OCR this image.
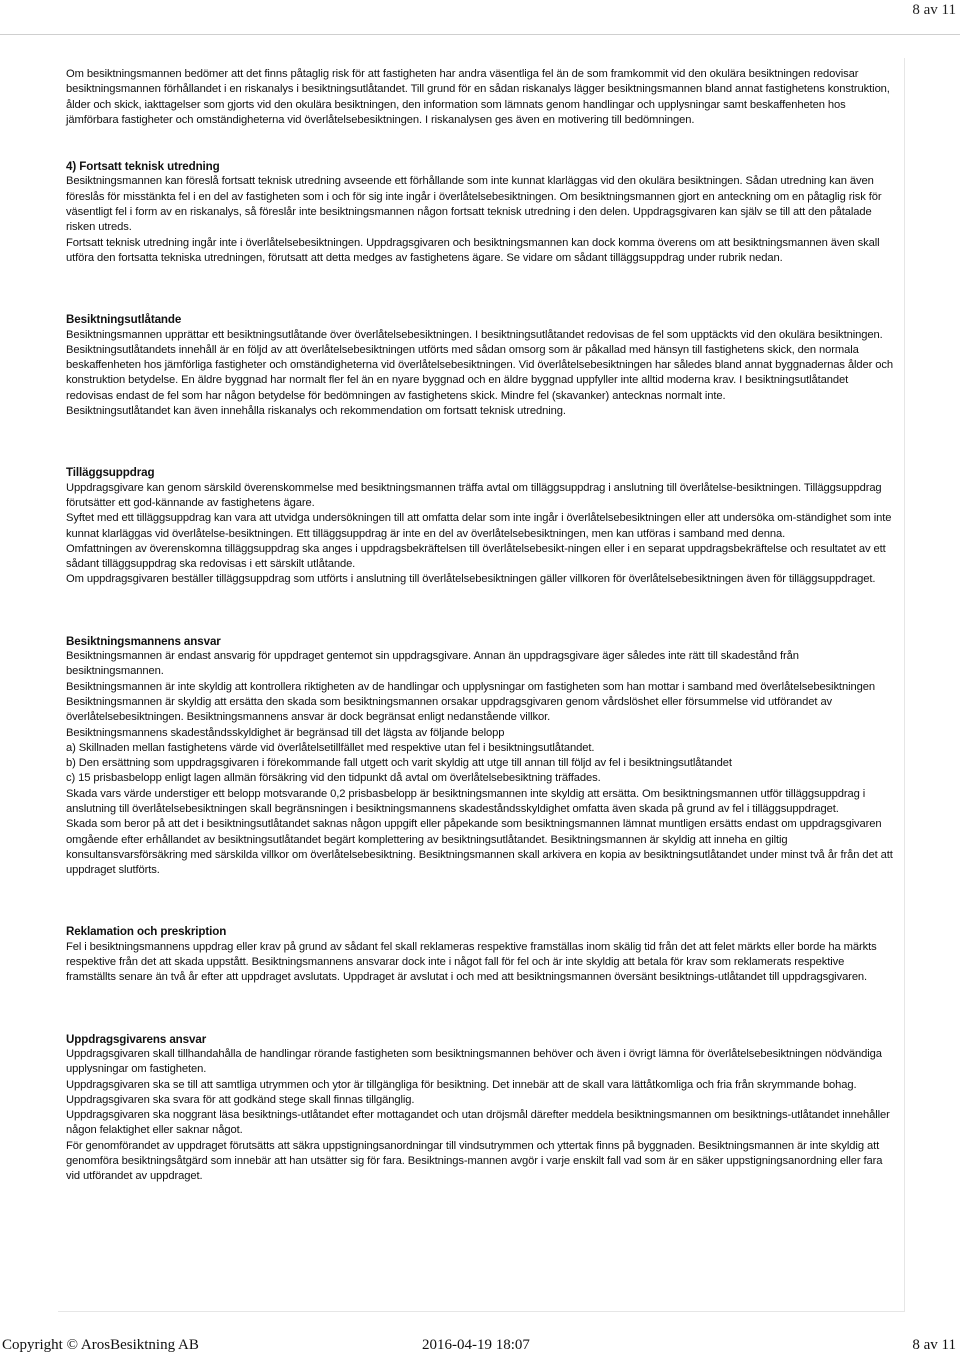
8 av 11

Om besiktningsmannen bedömer att det finns påtaglig risk för att fastigheten har andra väsentliga fel än de som framkommit vid den okulära besiktningen redovisar besiktningsmannen förhållandet i en riskanalys i besiktningsutlåtandet. Till grund för en sådan riskanalys lägger besiktningsmannen bland annat fastighetens konstruktion, ålder och skick, iakttagelser som gjorts vid den okulära besiktningen, den information som lämnats genom handlingar och upplysningar samt beskaffenheten hos jämförbara fastigheter och omständigheterna vid överlåtelsebesiktningen. I riskanalysen ges även en motivering till bedömningen.

4) Fortsatt teknisk utredning

Besiktningsmannen kan föreslå fortsatt teknisk utredning avseende ett förhållande som inte kunnat klarläggas vid den okulära besiktningen. Sådan utredning kan även föreslås för misstänkta fel i en del av fastigheten som i och för sig inte ingår i överlåtelsebesiktningen. Om besiktningsmannen gjort en anteckning om en påtaglig risk för väsentligt fel i form av en riskanalys, så föreslår inte besiktningsmannen någon fortsatt teknisk utredning i den delen. Uppdragsgivaren kan själv se till att den påtalade risken utreds.

Fortsatt teknisk utredning ingår inte i överlåtelsebesiktningen. Uppdragsgivaren och besiktningsmannen kan dock komma överens om att besiktningsmannen även skall utföra den fortsatta tekniska utredningen, förutsatt att detta medges av fastighetens ägare. Se vidare om sådant tilläggsuppdrag under rubrik nedan.

Besiktningsutlåtande

Besiktningsmannen upprättar ett besiktningsutlåtande över överlåtelsebesiktningen. I besiktningsutlåtandet redovisas de fel som upptäckts vid den okulära besiktningen.

Besiktningsutlåtandets innehåll är en följd av att överlåtelsebesiktningen utförts med sådan omsorg som är påkallad med hänsyn till fastighetens skick, den normala beskaffenheten hos jämförliga fastigheter och omständigheterna vid överlåtelsebesiktningen. Vid överlåtelsebesiktningen har således bland annat byggnadernas ålder och konstruktion betydelse. En äldre byggnad har normalt fler fel än en nyare byggnad och en äldre byggnad uppfyller inte alltid moderna krav. I besiktningsutlåtandet redovisas endast de fel som har någon betydelse för bedömningen av fastighetens skick. Mindre fel (skavanker) antecknas normalt inte.

Besiktningsutlåtandet kan även innehålla riskanalys och rekommendation om fortsatt teknisk utredning.

Tilläggsuppdrag

Uppdragsgivare kan genom särskild överenskommelse med besiktningsmannen träffa avtal om tilläggsuppdrag i anslutning till överlåtelse-besiktningen. Tilläggsuppdrag förutsätter ett god-kännande av fastighetens ägare.

Syftet med ett tilläggsuppdrag kan vara att utvidga undersökningen till att omfatta delar som inte ingår i överlåtelsebesiktningen eller att undersöka om-ständighet som inte kunnat klarläggas vid överlåtelse-besiktningen. Ett tilläggsuppdrag är inte en del av överlåtelsebesiktningen, men kan utföras i samband med denna.

Omfattningen av överenskomna tilläggsuppdrag ska anges i uppdragsbekräftelsen till överlåtelsebesikt-ningen eller i en separat uppdragsbekräftelse och resultatet av ett sådant tilläggsuppdrag ska redovisas i ett särskilt utlåtande.

Om uppdragsgivaren beställer tilläggsuppdrag som utförts i anslutning till överlåtelsebesiktningen gäller villkoren för överlåtelsebesiktningen även för tilläggsuppdraget.

Besiktningsmannens ansvar

Besiktningsmannen är endast ansvarig för uppdraget gentemot sin uppdragsgivare. Annan än uppdragsgivare äger således inte rätt till skadestånd från besiktningsmannen.

Besiktningsmannen är inte skyldig att kontrollera riktigheten av de handlingar och upplysningar om fastigheten som han mottar i samband med överlåtelsebesiktningen Besiktningsmannen är skyldig att ersätta den skada som besiktningsmannen orsakar uppdragsgivaren genom vårdslöshet eller försummelse vid utförandet av överlåtelsebesiktningen. Besiktningsmannens ansvar är dock begränsat enligt nedanstående villkor.

Besiktningsmannens skadeståndsskyldighet är begränsad till det lägsta av följande belopp

a) Skillnaden mellan fastighetens värde vid överlåtelsetillfället med respektive utan fel i besiktningsutlåtandet.

b) Den ersättning som uppdragsgivaren i förekommande fall utgett och varit skyldig att utge till annan till följd av fel i besiktningsutlåtandet

c) 15 prisbasbelopp enligt lagen allmän försäkring vid den tidpunkt då avtal om överlåtelsebesiktning träffades.

Skada vars värde understiger ett belopp motsvarande 0,2 prisbasbelopp är besiktningsmannen inte skyldig att ersätta. Om besiktningsmannen utför tilläggsuppdrag i anslutning till överlåtelsebesiktningen skall begränsningen i besiktningsmannens skadeståndsskyldighet omfatta även skada på grund av fel i tilläggsuppdraget.

Skada som beror på att det i besiktningsutlåtandet saknas någon uppgift eller påpekande som besiktningsmannen lämnat muntligen ersätts endast om uppdragsgivaren omgående efter erhållandet av besiktningsutlåtandet begärt komplettering av besiktningsutlåtandet. Besiktningsmannen är skyldig att inneha en giltig konsultansvarsförsäkring med särskilda villkor om överlåtelsebesiktning. Besiktningsmannen skall arkivera en kopia av besiktningsutlåtandet under minst två år från det att uppdraget slutförts.

Reklamation och preskription

Fel i besiktningsmannens uppdrag eller krav på grund av sådant fel skall reklameras respektive framställas inom skälig tid från det att felet märkts eller borde ha märkts respektive från det att skada uppstått. Besiktningsmannens ansvarar dock inte i något fall för fel och är inte skyldig att betala för krav som reklamerats respektive framställts senare än två år efter att uppdraget avslutats. Uppdraget är avslutat i och med att besiktningsmannen översänt besiktnings-utlåtandet till uppdragsgivaren.

Uppdragsgivarens ansvar

Uppdragsgivaren skall tillhandahålla de handlingar rörande fastigheten som besiktningsmannen behöver och även i övrigt lämna för överlåtelsebesiktningen nödvändiga upplysningar om fastigheten.

Uppdragsgivaren ska se till att samtliga utrymmen och ytor är tillgängliga för besiktning. Det innebär att de skall vara lättåtkomliga och fria från skrymmande bohag.

Uppdragsgivaren ska svara för att godkänd stege skall finnas tillgänglig.

Uppdragsgivaren ska noggrant läsa besiktnings-utlåtandet efter mottagandet och utan dröjsmål därefter meddela besiktningsmannen om besiktnings-utlåtandet innehåller någon felaktighet eller saknar något.

För genomförandet av uppdraget förutsätts att säkra uppstigningsanordningar till vindsutrymmen och yttertak finns på byggnaden. Besiktningsmannen är inte skyldig att genomföra besiktningsåtgärd som innebär att han utsätter sig för fara. Besiktnings-mannen avgör i varje enskilt fall vad som är en säker uppstigningsanordning eller fara vid utförandet av uppdraget.

Copyright © ArosBesiktning AB	2016-04-19 18:07	8 av 11
